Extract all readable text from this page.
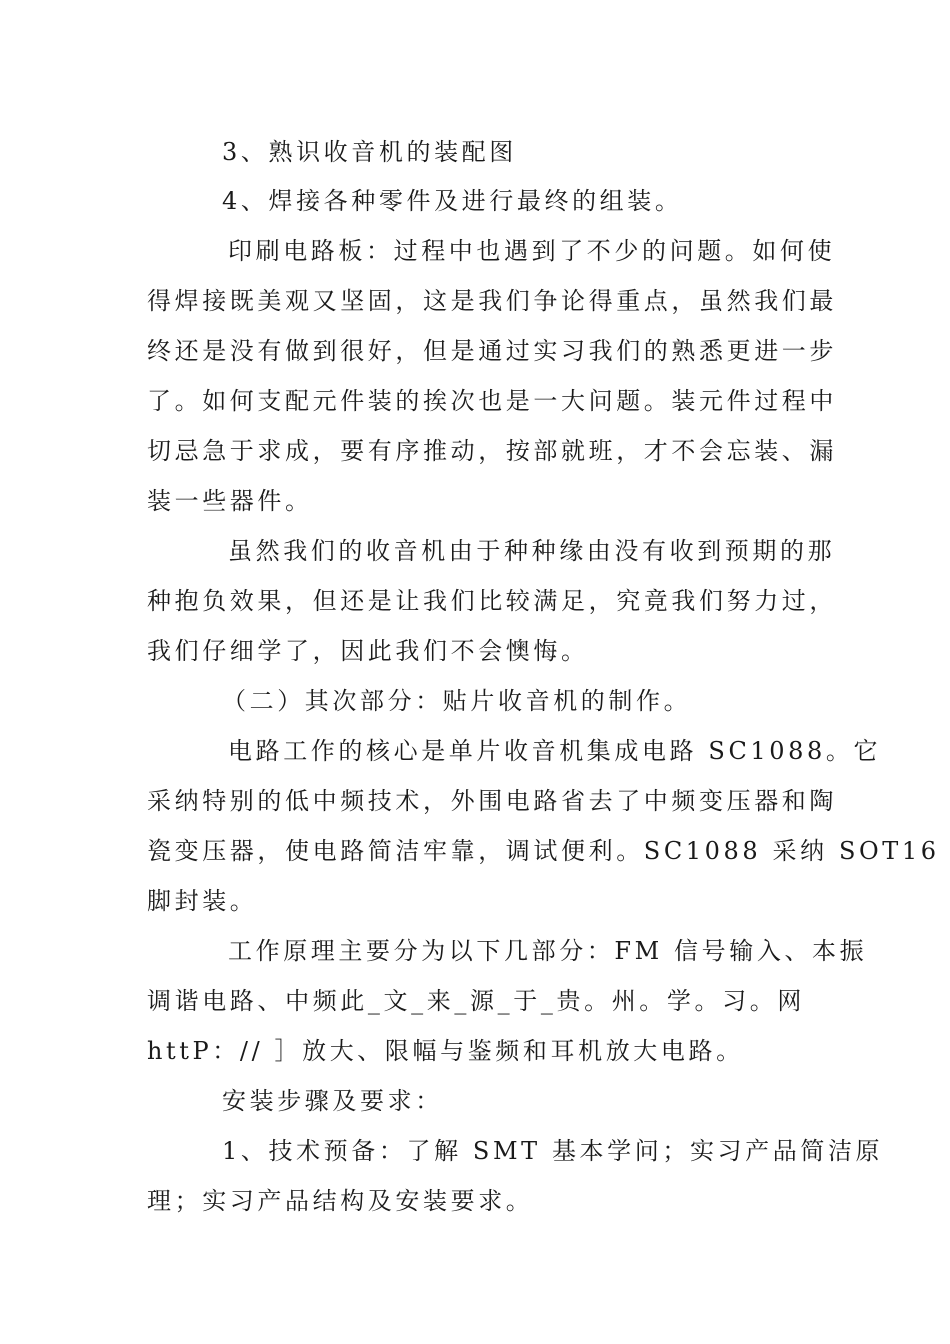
3、熟识收音机的装配图

4、焊接各种零件及进行最终的组装。

印刷电路板：过程中也遇到了不少的问题。如何使

得焊接既美观又坚固，这是我们争论得重点，虽然我们最

终还是没有做到很好，但是通过实习我们的熟悉更进一步

了。如何支配元件装的挨次也是一大问题。装元件过程中

切忌急于求成，要有序推动，按部就班，才不会忘装、漏

装一些器件。

虽然我们的收音机由于种种缘由没有收到预期的那

种抱负效果，但还是让我们比较满足，究竟我们努力过，

我们仔细学了，因此我们不会懊悔。

（二）其次部分：贴片收音机的制作。

电路工作的核心是单片收音机集成电路 SC1088。它

采纳特别的低中频技术，外围电路省去了中频变压器和陶

瓷变压器，使电路简洁牢靠，调试便利。SC1088 采纳 SOT16

脚封装。

工作原理主要分为以下几部分：FM 信号输入、本振

调谐电路、中频此_文_来_源_于_贵。州。学。习。网

httP：// ］放大、限幅与鉴频和耳机放大电路。

安装步骤及要求：

1、技术预备：了解 SMT 基本学问；实习产品简洁原

理；实习产品结构及安装要求。
